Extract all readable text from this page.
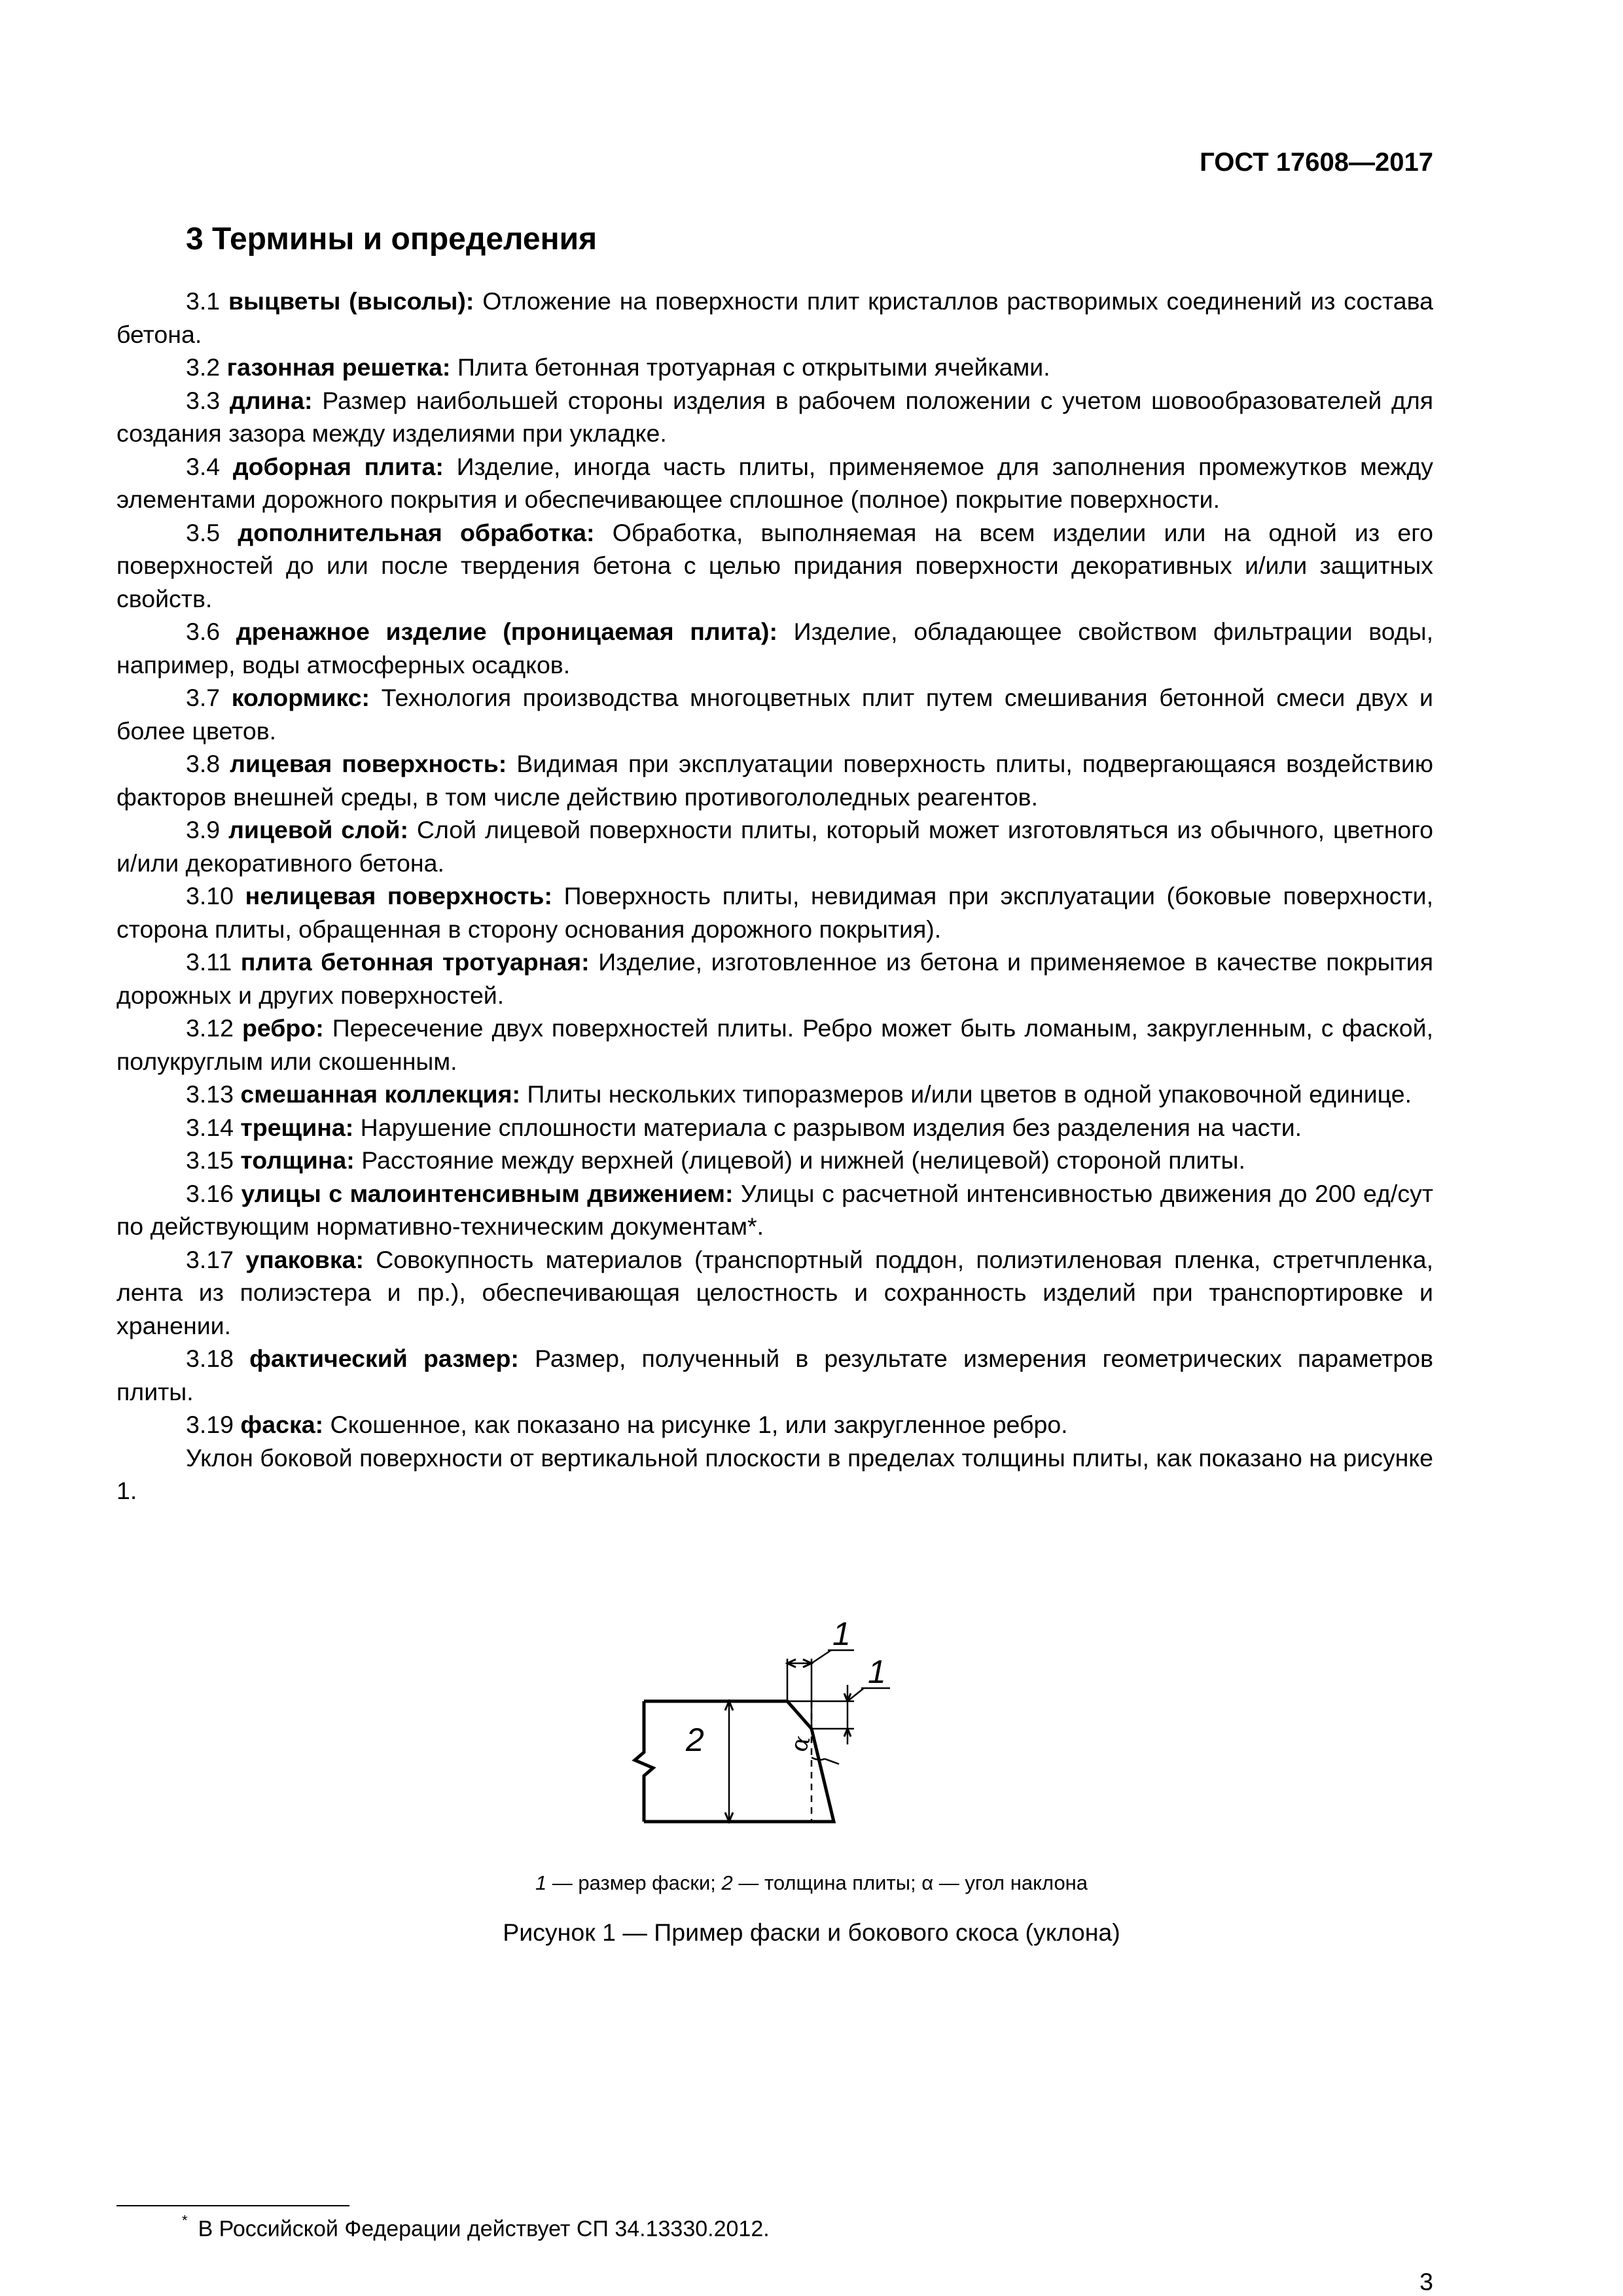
ГОСТ 17608—2017
3 Термины и определения

3.1 выцветы (высолы): Отложение на поверхности плит кристаллов растворимых соединений из состава бетона.

3.2 газонная решетка: Плита бетонная тротуарная с открытыми ячейками.

3.3 длина: Размер наибольшей стороны изделия в рабочем положении с учетом шовообразователей для создания зазора между изделиями при укладке.

3.4 доборная плита: Изделие, иногда часть плиты, применяемое для заполнения промежутков между элементами дорожного покрытия и обеспечивающее сплошное (полное) покрытие поверхности.

3.5 дополнительная обработка: Обработка, выполняемая на всем изделии или на одной из его поверхностей до или после твердения бетона с целью придания поверхности декоративных и/или защитных свойств.

3.6 дренажное изделие (проницаемая плита): Изделие, обладающее свойством фильтрации воды, например, воды атмосферных осадков.

3.7 колормикс: Технология производства многоцветных плит путем смешивания бетонной смеси двух и более цветов.

3.8 лицевая поверхность: Видимая при эксплуатации поверхность плиты, подвергающаяся воздействию факторов внешней среды, в том числе действию противогололедных реагентов.

3.9 лицевой слой: Слой лицевой поверхности плиты, который может изготовляться из обычного, цветного и/или декоративного бетона.

3.10 нелицевая поверхность: Поверхность плиты, невидимая при эксплуатации (боковые поверхности, сторона плиты, обращенная в сторону основания дорожного покрытия).

3.11 плита бетонная тротуарная: Изделие, изготовленное из бетона и применяемое в качестве покрытия дорожных и других поверхностей.

3.12 ребро: Пересечение двух поверхностей плиты. Ребро может быть ломаным, закругленным, с фаской, полукруглым или скошенным.

3.13 смешанная коллекция: Плиты нескольких типоразмеров и/или цветов в одной упаковочной единице.

3.14 трещина: Нарушение сплошности материала с разрывом изделия без разделения на части.

3.15 толщина: Расстояние между верхней (лицевой) и нижней (нелицевой) стороной плиты.

3.16 улицы с малоинтенсивным движением: Улицы с расчетной интенсивностью движения до 200 ед/сут по действующим нормативно-техническим документам*.

3.17 упаковка: Совокупность материалов (транспортный поддон, полиэтиленовая пленка, стретчпленка, лента из полиэстера и пр.), обеспечивающая целостность и сохранность изделий при транспортировке и хранении.

3.18 фактический размер: Размер, полученный в результате измерения геометрических параметров плиты.

3.19 фаска: Скошенное, как показано на рисунке 1, или закругленное ребро.

Уклон боковой поверхности от вертикальной плоскости в пределах толщины плиты, как показано на рисунке 1.

1
1
2	α
1 — размер фаски; 2 — толщина плиты; α — угол наклона
Рисунок 1 — Пример фаски и бокового скоса (уклона)
* В Российской Федерации действует СП 34.13330.2012.
3
